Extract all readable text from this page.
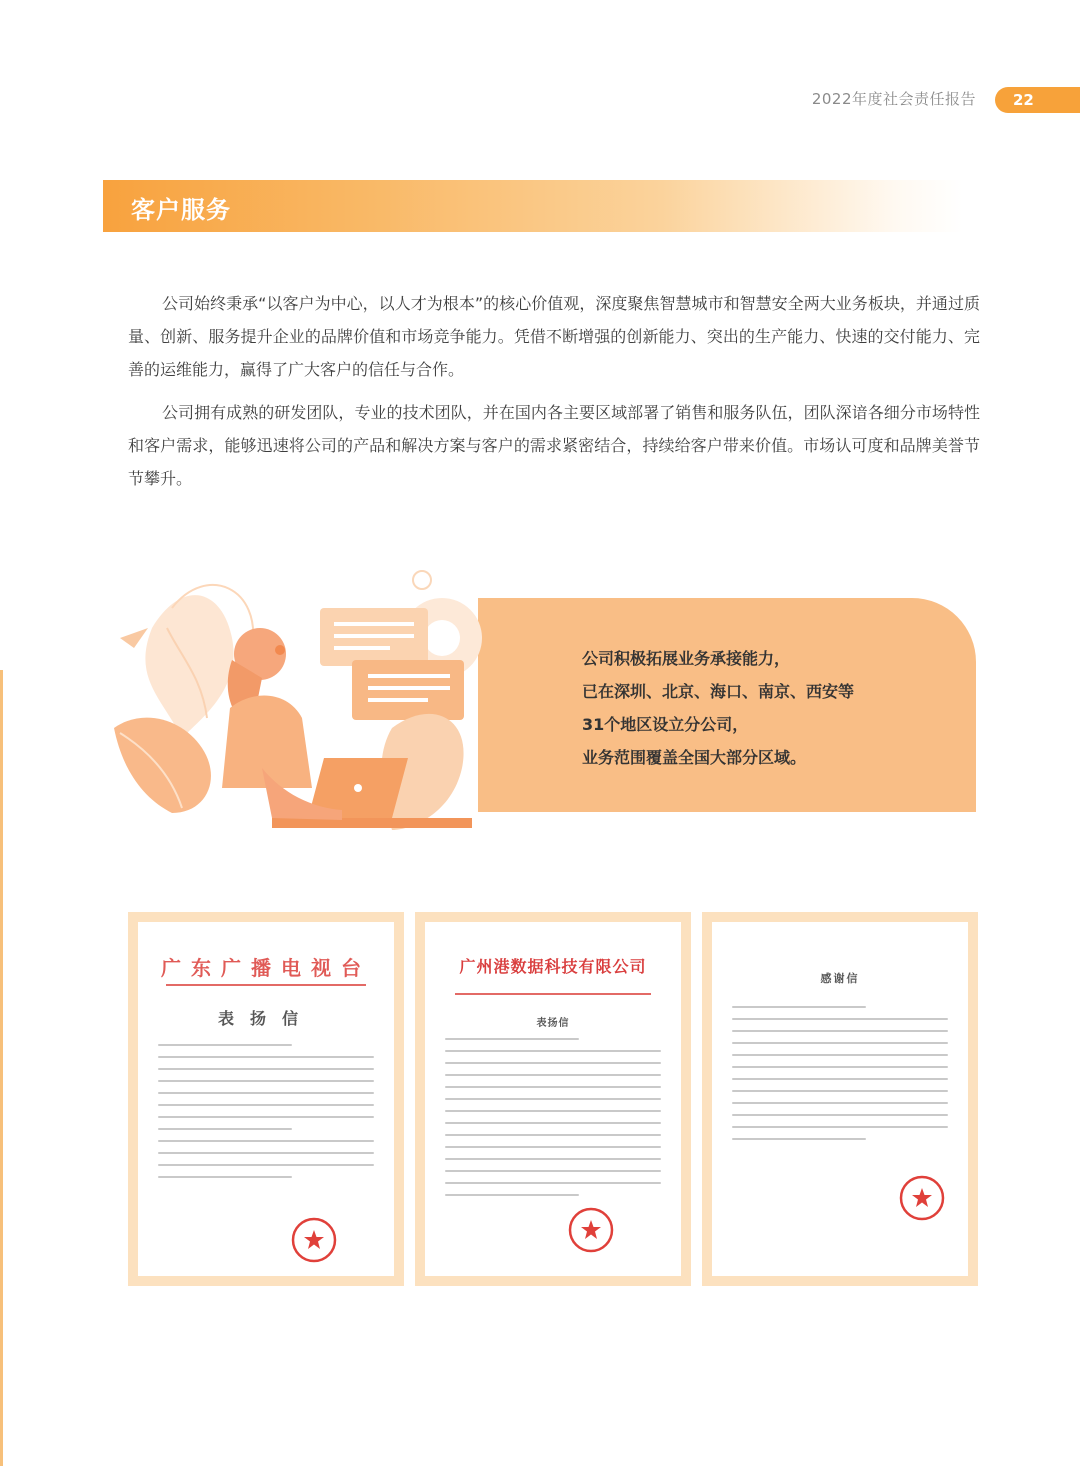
2022年度社会责任报告	22
客户服务

公司始终秉承“以客户为中心，以人才为根本”的核心价值观，深度聚焦智慧城市和智慧安全两大业务板块，并通过质量、创新、服务提升企业的品牌价值和市场竞争能力。凭借不断增强的创新能力、突出的生产能力、快速的交付能力、完善的运维能力，赢得了广大客户的信任与合作。

公司拥有成熟的研发团队，专业的技术团队，并在国内各主要区域部署了销售和服务队伍，团队深谙各细分市场特性和客户需求，能够迅速将公司的产品和解决方案与客户的需求紧密结合，持续给客户带来价值。市场认可度和品牌美誉节节攀升。

公司积极拓展业务承接能力，
已在深圳、北京、海口、南京、西安等
31个地区设立分公司，
业务范围覆盖全国大部分区域。
广东广播电视台
表扬信
广州港数据科技有限公司
表扬信
感谢信
